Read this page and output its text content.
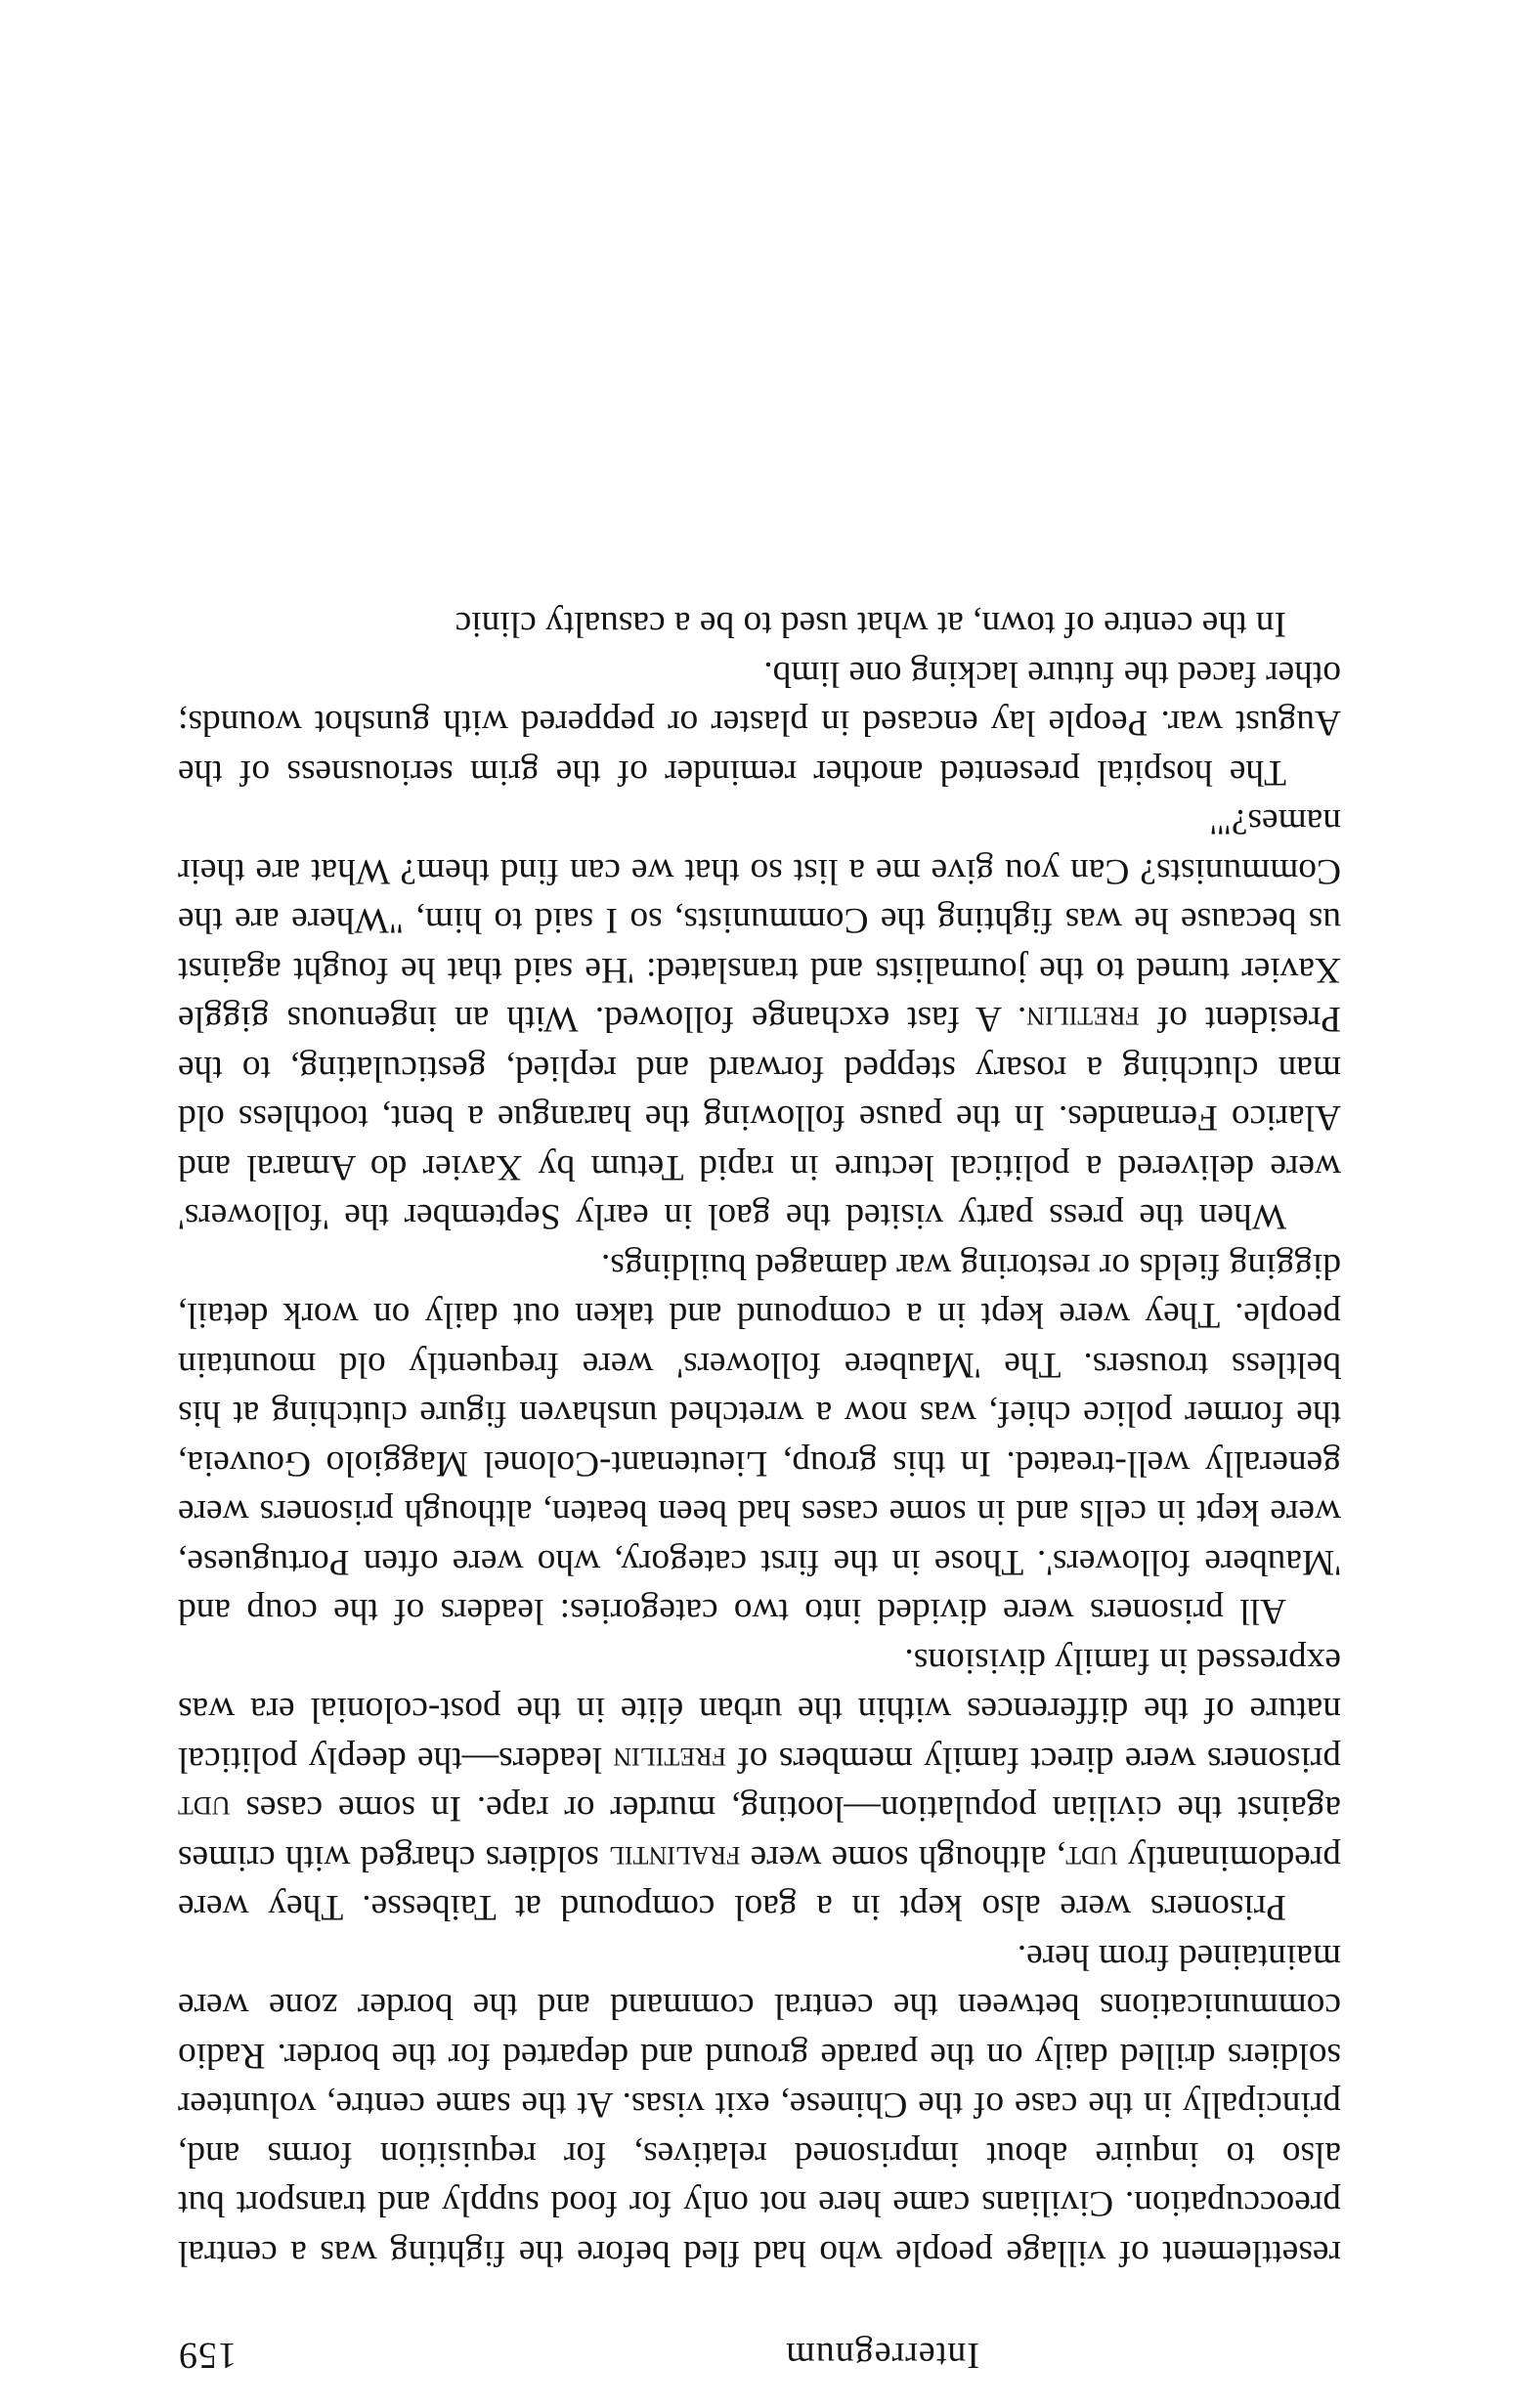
Interregnum
159

resettlement of village people who had fled before the fighting was a central preoccupation. Civilians came here not only for food supply and transport but also to inquire about imprisoned relatives, for requisition forms and, principally in the case of the Chinese, exit visas. At the same centre, volunteer soldiers drilled daily on the parade ground and departed for the border. Radio communications between the central command and the border zone were maintained from here.

Prisoners were also kept in a gaol compound at Taibesse. They were predominantly udt, although some were fralintil soldiers charged with crimes against the civilian population—looting, murder or rape. In some cases udt prisoners were direct family members of fretilin leaders—the deeply political nature of the differences within the urban élite in the post-colonial era was expressed in family divisions.

All prisoners were divided into two categories: leaders of the coup and 'Maubere followers'. Those in the first category, who were often Portuguese, were kept in cells and in some cases had been beaten, although prisoners were generally well-treated. In this group, Lieutenant-Colonel Maggiolo Gouveia, the former police chief, was now a wretched unshaven figure clutching at his beltless trousers. The 'Maubere followers' were frequently old mountain people. They were kept in a compound and taken out daily on work detail, digging fields or restoring war damaged buildings.

When the press party visited the gaol in early September the 'followers' were delivered a political lecture in rapid Tetum by Xavier do Amaral and Alarico Fernandes. In the pause following the harangue a bent, toothless old man clutching a rosary stepped forward and replied, gesticulating, to the President of fretilin. A fast exchange followed. With an ingenuous giggle Xavier turned to the journalists and translated: 'He said that he fought against us because he was fighting the Communists, so I said to him, "Where are the Communists? Can you give me a list so that we can find them? What are their names?"'

The hospital presented another reminder of the grim seriousness of the August war. People lay encased in plaster or peppered with gunshot wounds; other faced the future lacking one limb.

In the centre of town, at what used to be a casualty clinic
